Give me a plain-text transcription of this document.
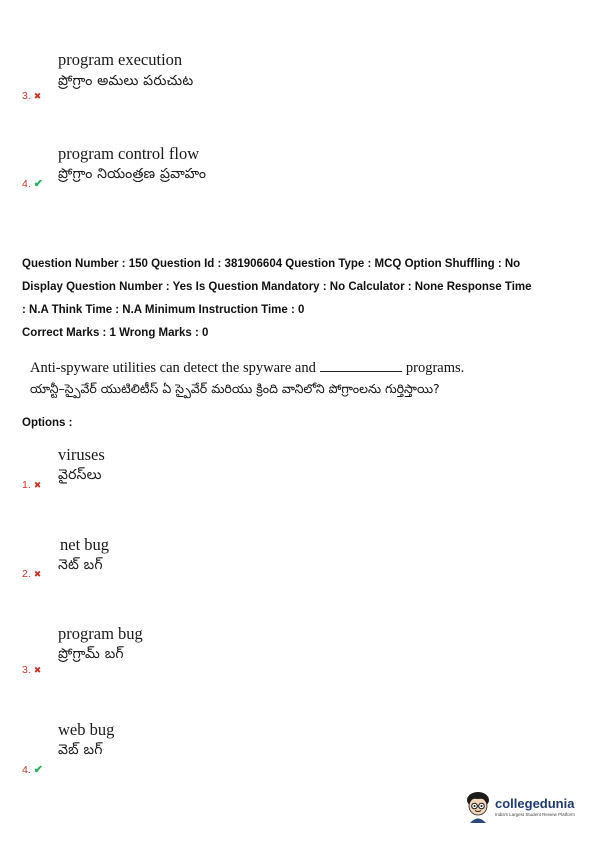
program execution
ప్రోగ్రాం అమలు పరుచుట
3. ✖
program control flow
ప్రోగ్రాం నియంత్రణ ప్రవాహం
4. ✔
Question Number : 150 Question Id : 381906604 Question Type : MCQ Option Shuffling : No
Display Question Number : Yes Is Question Mandatory : No Calculator : None Response Time
: N.A Think Time : N.A Minimum Instruction Time : 0
Correct Marks : 1 Wrong Marks : 0
Anti-spyware utilities can detect the spyware and	programs.
యాన్టీ–స్పైవేర్ యుటిలిటీస్ ఏ స్పైవేర్ మరియు క్రింది వానిలోని పోగ్రాంలను గుర్తిస్తాయి?
Options :
viruses
వైరస్‌లు
1. ✖
net bug
నెట్ బగ్
2. ✖
program bug
ప్రోగ్రామ్ బగ్
3. ✖
web bug
వెబ్ బగ్
4. ✔
collegedunia
India's Largest Student Review Platform
